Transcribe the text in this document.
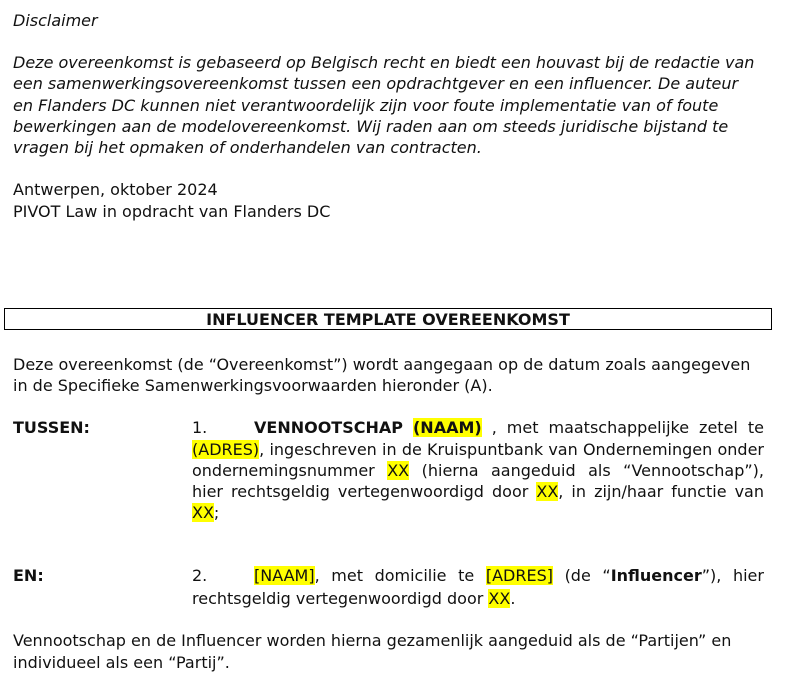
Disclaimer
Deze overeenkomst is gebaseerd op Belgisch recht en biedt een houvast bij de redactie van
een samenwerkingsovereenkomst tussen een opdrachtgever en een influencer. De auteur
en Flanders DC kunnen niet verantwoordelijk zijn voor foute implementatie van of foute
bewerkingen aan de modelovereenkomst. Wij raden aan om steeds juridische bijstand te
vragen bij het opmaken of onderhandelen van contracten.
Antwerpen, oktober 2024
PIVOT Law in opdracht van Flanders DC
INFLUENCER TEMPLATE OVEREENKOMST
Deze overeenkomst (de “Overeenkomst”) wordt aangegaan op de datum zoals aangegeven
in de Specifieke Samenwerkingsvoorwaarden hieronder (A).
TUSSEN:	1.	VENNOOTSCHAP (NAAM) , met maatschappelijke zetel te
(ADRES), ingeschreven in de Kruispuntbank van Ondernemingen onder
ondernemingsnummer XX (hierna aangeduid als “Vennootschap”),
hier rechtsgeldig vertegenwoordigd door XX, in zijn/haar functie van
XX;
EN:	2.	[NAAM], met domicilie te [ADRES] (de “Influencer”), hier
rechtsgeldig vertegenwoordigd door XX.
Vennootschap en de Influencer worden hierna gezamenlijk aangeduid als de “Partijen” en
individueel als een “Partij”.
